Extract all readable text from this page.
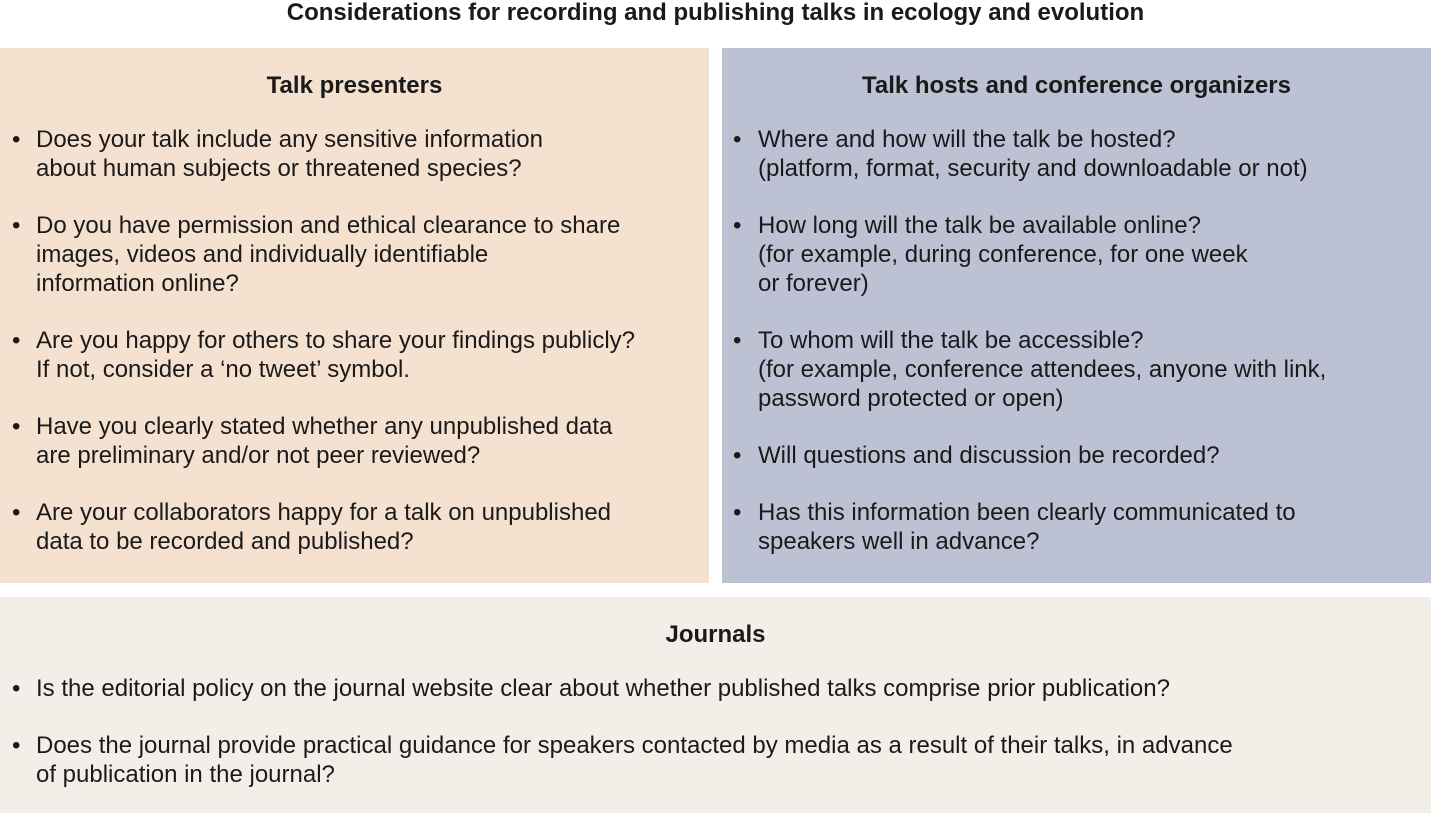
Considerations for recording and publishing talks in ecology and evolution
Talk presenters
• Does your talk include any sensitive information
about human subjects or threatened species?
• Do you have permission and ethical clearance to share
images, videos and individually identifiable
information online?
• Are you happy for others to share your findings publicly?
If not, consider a ‘no tweet’ symbol.
• Have you clearly stated whether any unpublished data
are preliminary and/or not peer reviewed?
• Are your collaborators happy for a talk on unpublished
data to be recorded and published?
Talk hosts and conference organizers
• Where and how will the talk be hosted?
(platform, format, security and downloadable or not)
• How long will the talk be available online?
(for example, during conference, for one week
or forever)
• To whom will the talk be accessible?
(for example, conference attendees, anyone with link,
password protected or open)
• Will questions and discussion be recorded?
• Has this information been clearly communicated to
speakers well in advance?
Journals
• Is the editorial policy on the journal website clear about whether published talks comprise prior publication?
• Does the journal provide practical guidance for speakers contacted by media as a result of their talks, in advance
of publication in the journal?
